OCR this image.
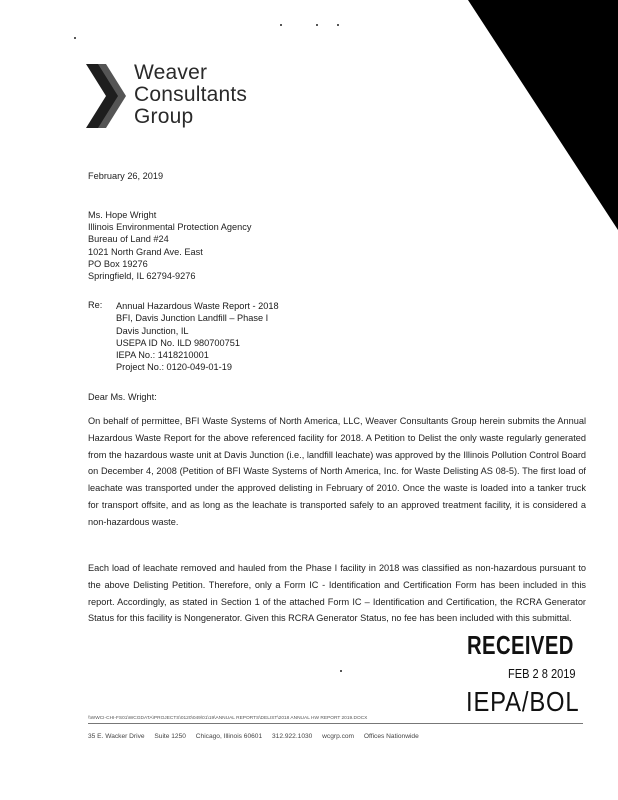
Weaver
Consultants
Group
February 26, 2019
Ms. Hope Wright
Illinois Environmental Protection Agency
Bureau of Land #24
1021 North Grand Ave. East
PO Box 19276
Springfield, IL 62794-9276
Re: Annual Hazardous Waste Report - 2018
BFI, Davis Junction Landfill – Phase I
Davis Junction, IL
USEPA ID No. ILD 980700751
IEPA No.: 1418210001
Project No.: 0120-049-01-19
Dear Ms. Wright:
On behalf of permittee, BFI Waste Systems of North America, LLC, Weaver Consultants Group herein submits the Annual Hazardous Waste Report for the above referenced facility for 2018. A Petition to Delist the only waste regularly generated from the hazardous waste unit at Davis Junction (i.e., landfill leachate) was approved by the Illinois Pollution Control Board on December 4, 2008 (Petition of BFI Waste Systems of North America, Inc. for Waste Delisting AS 08-5). The first load of leachate was transported under the approved delisting in February of 2010. Once the waste is loaded into a tanker truck for transport offsite, and as long as the leachate is transported safely to an approved treatment facility, it is considered a non-hazardous waste.
Each load of leachate removed and hauled from the Phase I facility in 2018 was classified as non-hazardous pursuant to the above Delisting Petition. Therefore, only a Form IC - Identification and Certification Form has been included in this report. Accordingly, as stated in Section 1 of the attached Form IC – Identification and Certification, the RCRA Generator Status for this facility is Nongenerator. Given this RCRA Generator Status, no fee has been included with this submittal.
RECEIVED
FEB 2 8 2019
IEPA/BOL
\\WWCI-CHI-FS01\WCGDATA\PROJECTS\0120\049\01\19\ANNUAL REPORTS\DELIST\2018 ANNUAL HW REPORT 2019.DOCX
35 E. Wacker Drive Suite 1250 Chicago, Illinois 60601 312.922.1030 wcgrp.com Offices Nationwide
